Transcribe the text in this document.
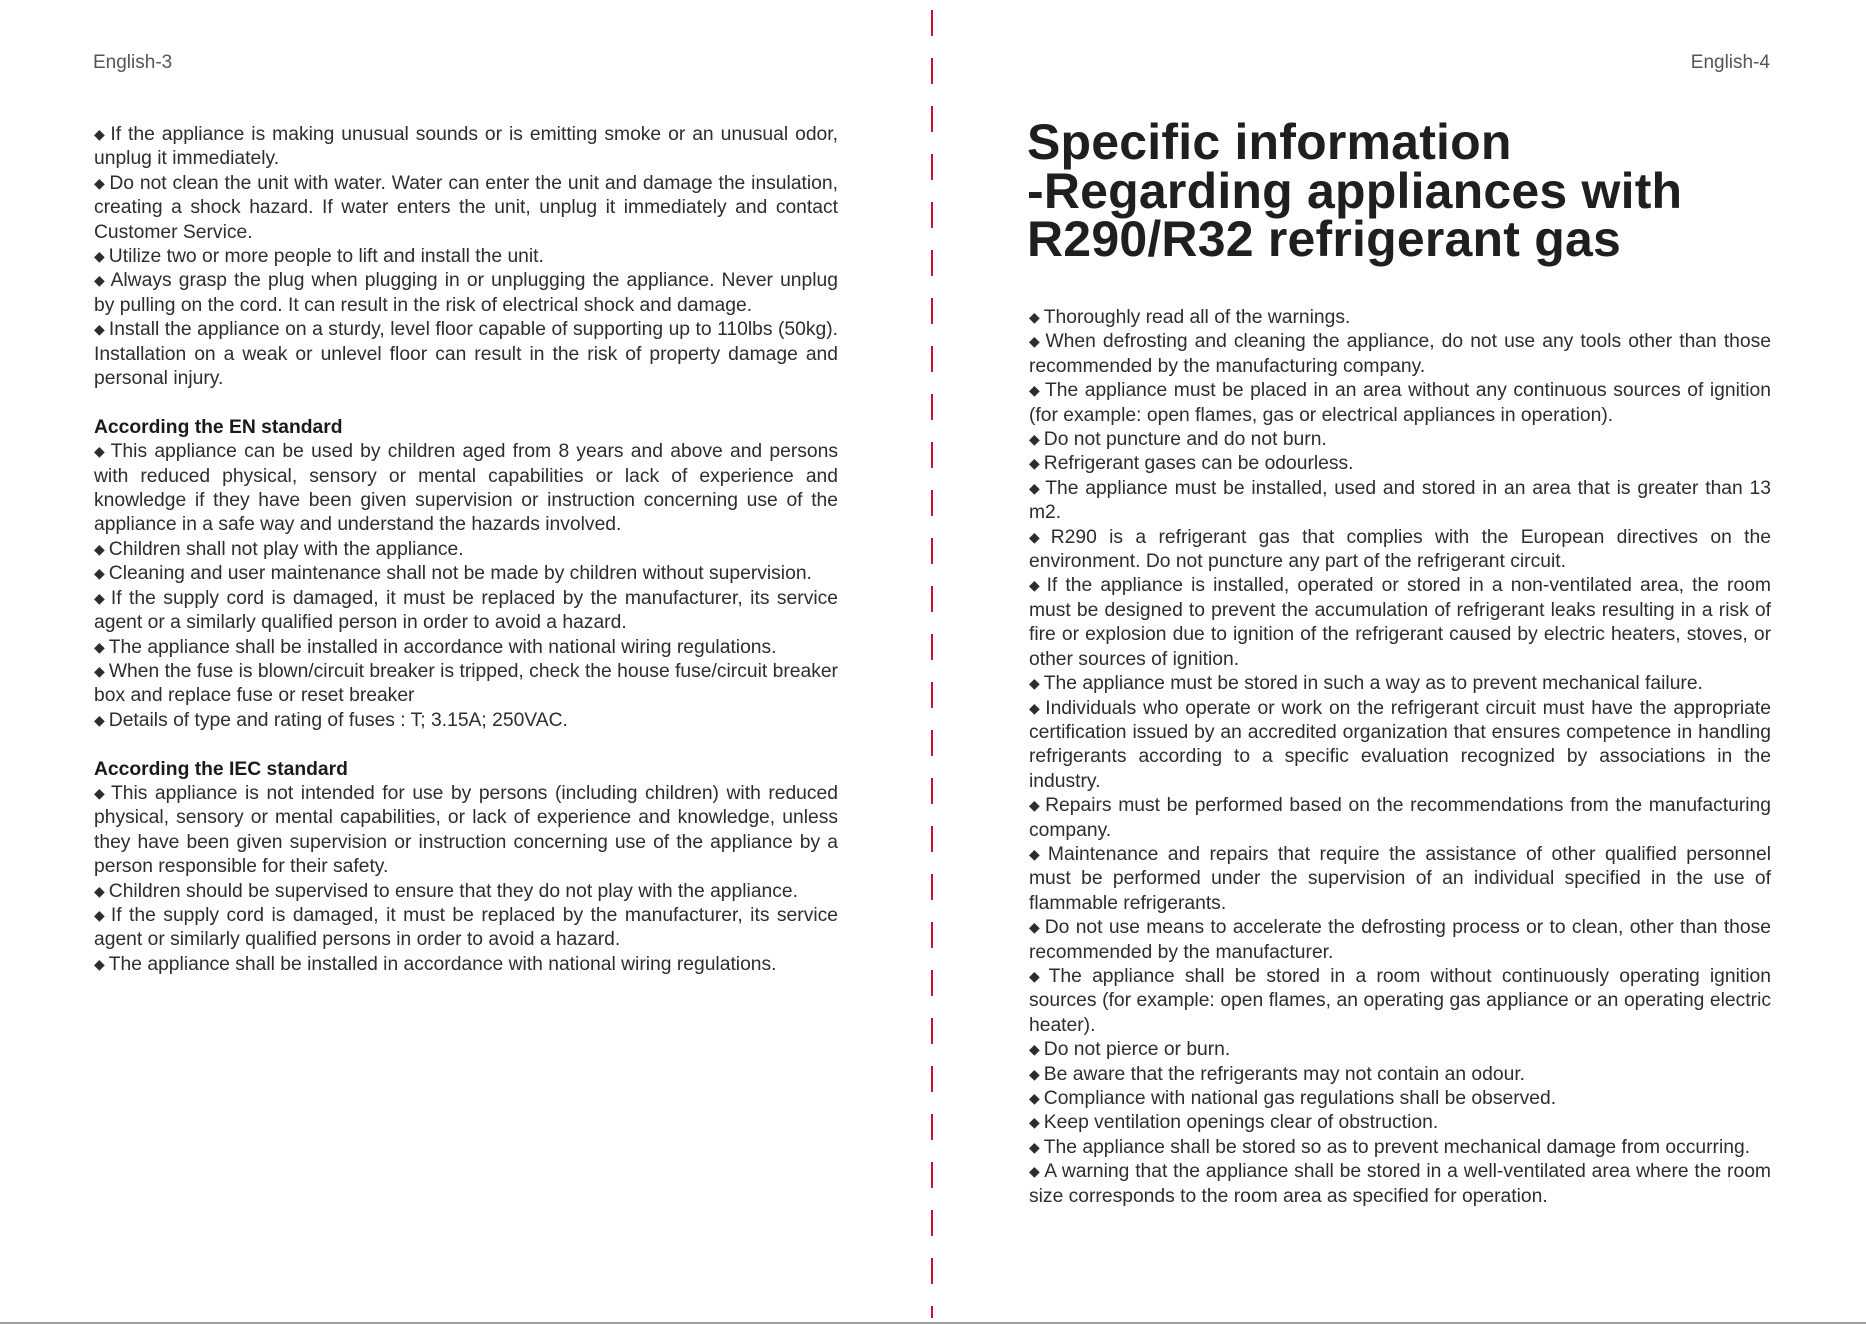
English-3	English-4
◆ If the appliance is making unusual sounds or is emitting smoke or an unusual odor, unplug it immediately.
◆ Do not clean the unit with water. Water can enter the unit and damage the insulation, creating a shock hazard. If water enters the unit, unplug it immediately and contact Customer Service.
◆ Utilize two or more people to lift and install the unit.
◆ Always grasp the plug when plugging in or unplugging the appliance. Never unplug by pulling on the cord. It can result in the risk of electrical shock and damage.
◆ Install the appliance on a sturdy, level floor capable of supporting up to 110lbs (50kg). Installation on a weak or unlevel floor can result in the risk of property damage and personal injury.
According the EN standard
◆ This appliance can be used by children aged from 8 years and above and persons with reduced physical, sensory or mental capabilities or lack of experience and knowledge if they have been given supervision or instruction concerning use of the appliance in a safe way and understand the hazards involved.
◆ Children shall not play with the appliance.
◆ Cleaning and user maintenance shall not be made by children without supervision.
◆ If the supply cord is damaged, it must be replaced by the manufacturer, its service agent or a similarly qualified person in order to avoid a hazard.
◆ The appliance shall be installed in accordance with national wiring regulations.
◆ When the fuse is blown/circuit breaker is tripped, check the house fuse/circuit breaker box and replace fuse or reset breaker
◆ Details of type and rating of fuses : T; 3.15A; 250VAC.
According the IEC standard
◆ This appliance is not intended for use by persons (including children) with reduced physical, sensory or mental capabilities, or lack of experience and knowledge, unless they have been given supervision or instruction concerning use of the appliance by a person responsible for their safety.
◆ Children should be supervised to ensure that they do not play with the appliance.
◆ If the supply cord is damaged, it must be replaced by the manufacturer, its service agent or similarly qualified persons in order to avoid a hazard.
◆ The appliance shall be installed in accordance with national wiring regulations.
Specific information
-Regarding appliances with
R290/R32 refrigerant gas
◆ Thoroughly read all of the warnings.
◆ When defrosting and cleaning the appliance, do not use any tools other than those recommended by the manufacturing company.
◆ The appliance must be placed in an area without any continuous sources of ignition (for example: open flames, gas or electrical appliances in operation).
◆ Do not puncture and do not burn.
◆ Refrigerant gases can be odourless.
◆ The appliance must be installed, used and stored in an area that is greater than 13 m2.
◆ R290 is a refrigerant gas that complies with the European directives on the environment. Do not puncture any part of the refrigerant circuit.
◆ If the appliance is installed, operated or stored in a non-ventilated area, the room must be designed to prevent the accumulation of refrigerant leaks resulting in a risk of fire or explosion due to ignition of the refrigerant caused by electric heaters, stoves, or other sources of ignition.
◆ The appliance must be stored in such a way as to prevent mechanical failure.
◆ Individuals who operate or work on the refrigerant circuit must have the appropriate certification issued by an accredited organization that ensures competence in handling refrigerants according to a specific evaluation recognized by associations in the industry.
◆ Repairs must be performed based on the recommendations from the manufacturing company.
◆ Maintenance and repairs that require the assistance of other qualified personnel must be performed under the supervision of an individual specified in the use of flammable refrigerants.
◆ Do not use means to accelerate the defrosting process or to clean, other than those recommended by the manufacturer.
◆ The appliance shall be stored in a room without continuously operating ignition sources (for example: open flames, an operating gas appliance or an operating electric heater).
◆ Do not pierce or burn.
◆ Be aware that the refrigerants may not contain an odour.
◆ Compliance with national gas regulations shall be observed.
◆ Keep ventilation openings clear of obstruction.
◆ The appliance shall be stored so as to prevent mechanical damage from occurring.
◆ A warning that the appliance shall be stored in a well-ventilated area where the room size corresponds to the room area as specified for operation.
